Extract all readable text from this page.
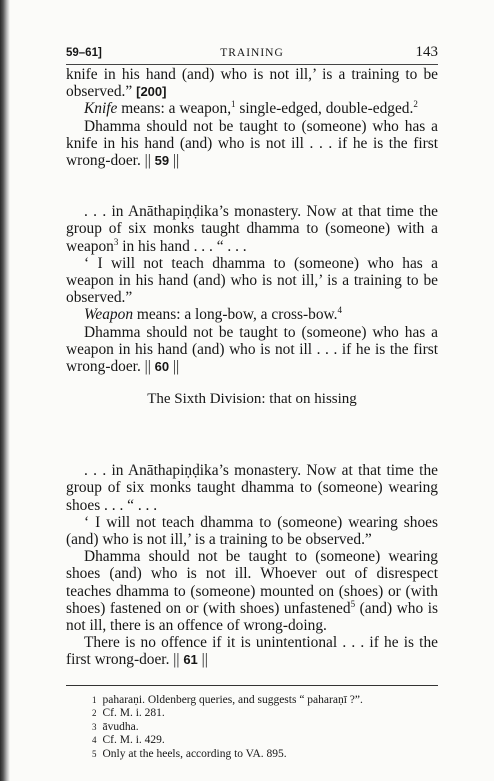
59–61]	TRAINING	143

knife in his hand (and) who is not ill,’ is a training to be observed.” [200]

Knife means: a weapon,$^1$ single-edged, double-edged.$^2$

Dhamma should not be taught to (someone) who has a knife in his hand (and) who is not ill . . . if he is the first wrong-doer. || 59 ||

. . . in Anāthapiṇḍika’s monastery. Now at that time the group of six monks taught dhamma to (someone) with a weapon$^3$ in his hand . . . “ . . .

‘ I will not teach dhamma to (someone) who has a weapon in his hand (and) who is not ill,’ is a training to be observed.”

Weapon means: a long-bow, a cross-bow.$^4$

Dhamma should not be taught to (someone) who has a weapon in his hand (and) who is not ill . . . if he is the first wrong-doer. || 60 ||

The Sixth Division: that on hissing

. . . in Anāthapiṇḍika’s monastery. Now at that time the group of six monks taught dhamma to (someone) wearing shoes . . . “ . . .

‘ I will not teach dhamma to (someone) wearing shoes (and) who is not ill,’ is a training to be observed.”

Dhamma should not be taught to (someone) wearing shoes (and) who is not ill. Whoever out of disrespect teaches dhamma to (someone) mounted on (shoes) or (with shoes) fastened on or (with shoes) unfastened$^5$ (and) who is not ill, there is an offence of wrong-doing.

There is no offence if it is unintentional . . . if he is the first wrong-doer. || 61 ||

$^1$ paharaṇi. Oldenberg queries, and suggests “ paharaṇī ?”.
$^2$ Cf. M. i. 281.
$^3$ āvudha.
$^4$ Cf. M. i. 429.
$^5$ Only at the heels, according to VA. 895.
